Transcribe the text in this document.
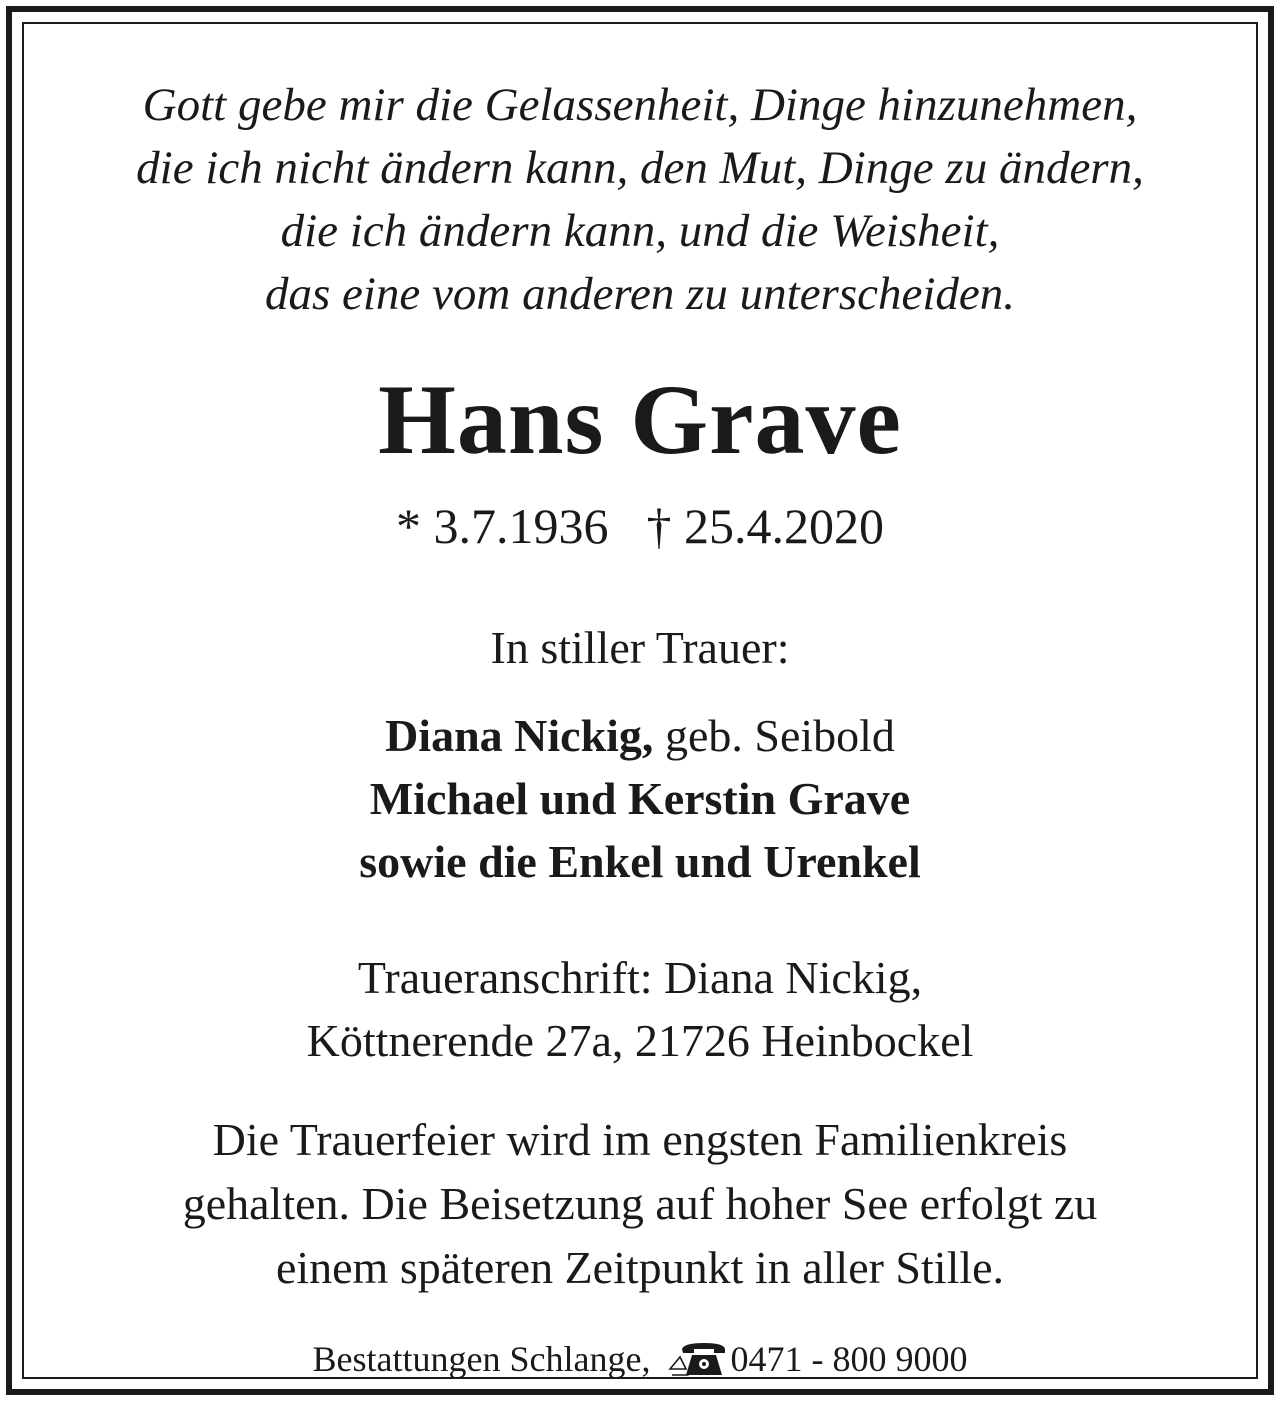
Gott gebe mir die Gelassenheit, Dinge hinzunehmen,
die ich nicht ändern kann, den Mut, Dinge zu ändern,
die ich ändern kann, und die Weisheit,
das eine vom anderen zu unterscheiden.
Hans Grave
* 3.7.1936 † 25.4.2020
In stiller Trauer:
Diana Nickig, geb. Seibold
Michael und Kerstin Grave
sowie die Enkel und Urenkel
Traueranschrift: Diana Nickig,
Köttnerende 27a, 21726 Heinbockel
Die Trauerfeier wird im engsten Familienkreis
gehalten. Die Beisetzung auf hoher See erfolgt zu
einem späteren Zeitpunkt in aller Stille.
Bestattungen Schlange, 0471 - 800 9000
